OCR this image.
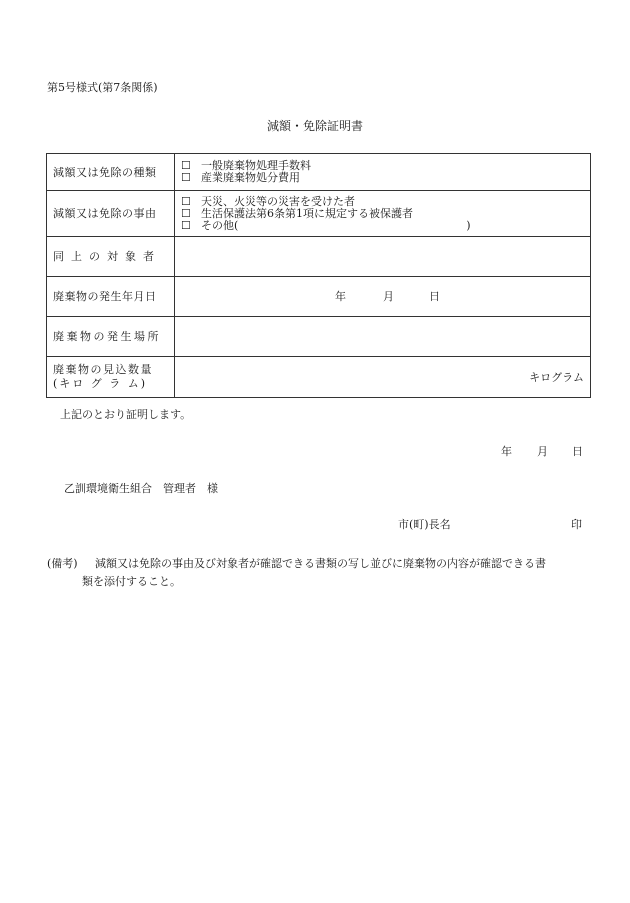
第5号様式(第7条関係)
減額・免除証明書
減額又は免除の種類	☐ 一般廃棄物処理手数料
☐ 産業廃棄物処分費用

減額又は免除の事由	☐ 天災、火災等の災害を受けた者
☐ 生活保護法第6条第1項に規定する被保護者
☐ その他( )

同上の対象者	
廃棄物の発生年月日	年 月 日

廃棄物の発生場所	

廃棄物の見込数量
(キロ グ ラ ム)	キログラム
上記のとおり証明します。
年 月 日
乙訓環境衛生組合　管理者　様
市(町)長名	印
(備考) 減額又は免除の事由及び対象者が確認できる書類の写し並びに廃棄物の内容が確認できる書
類を添付すること。
